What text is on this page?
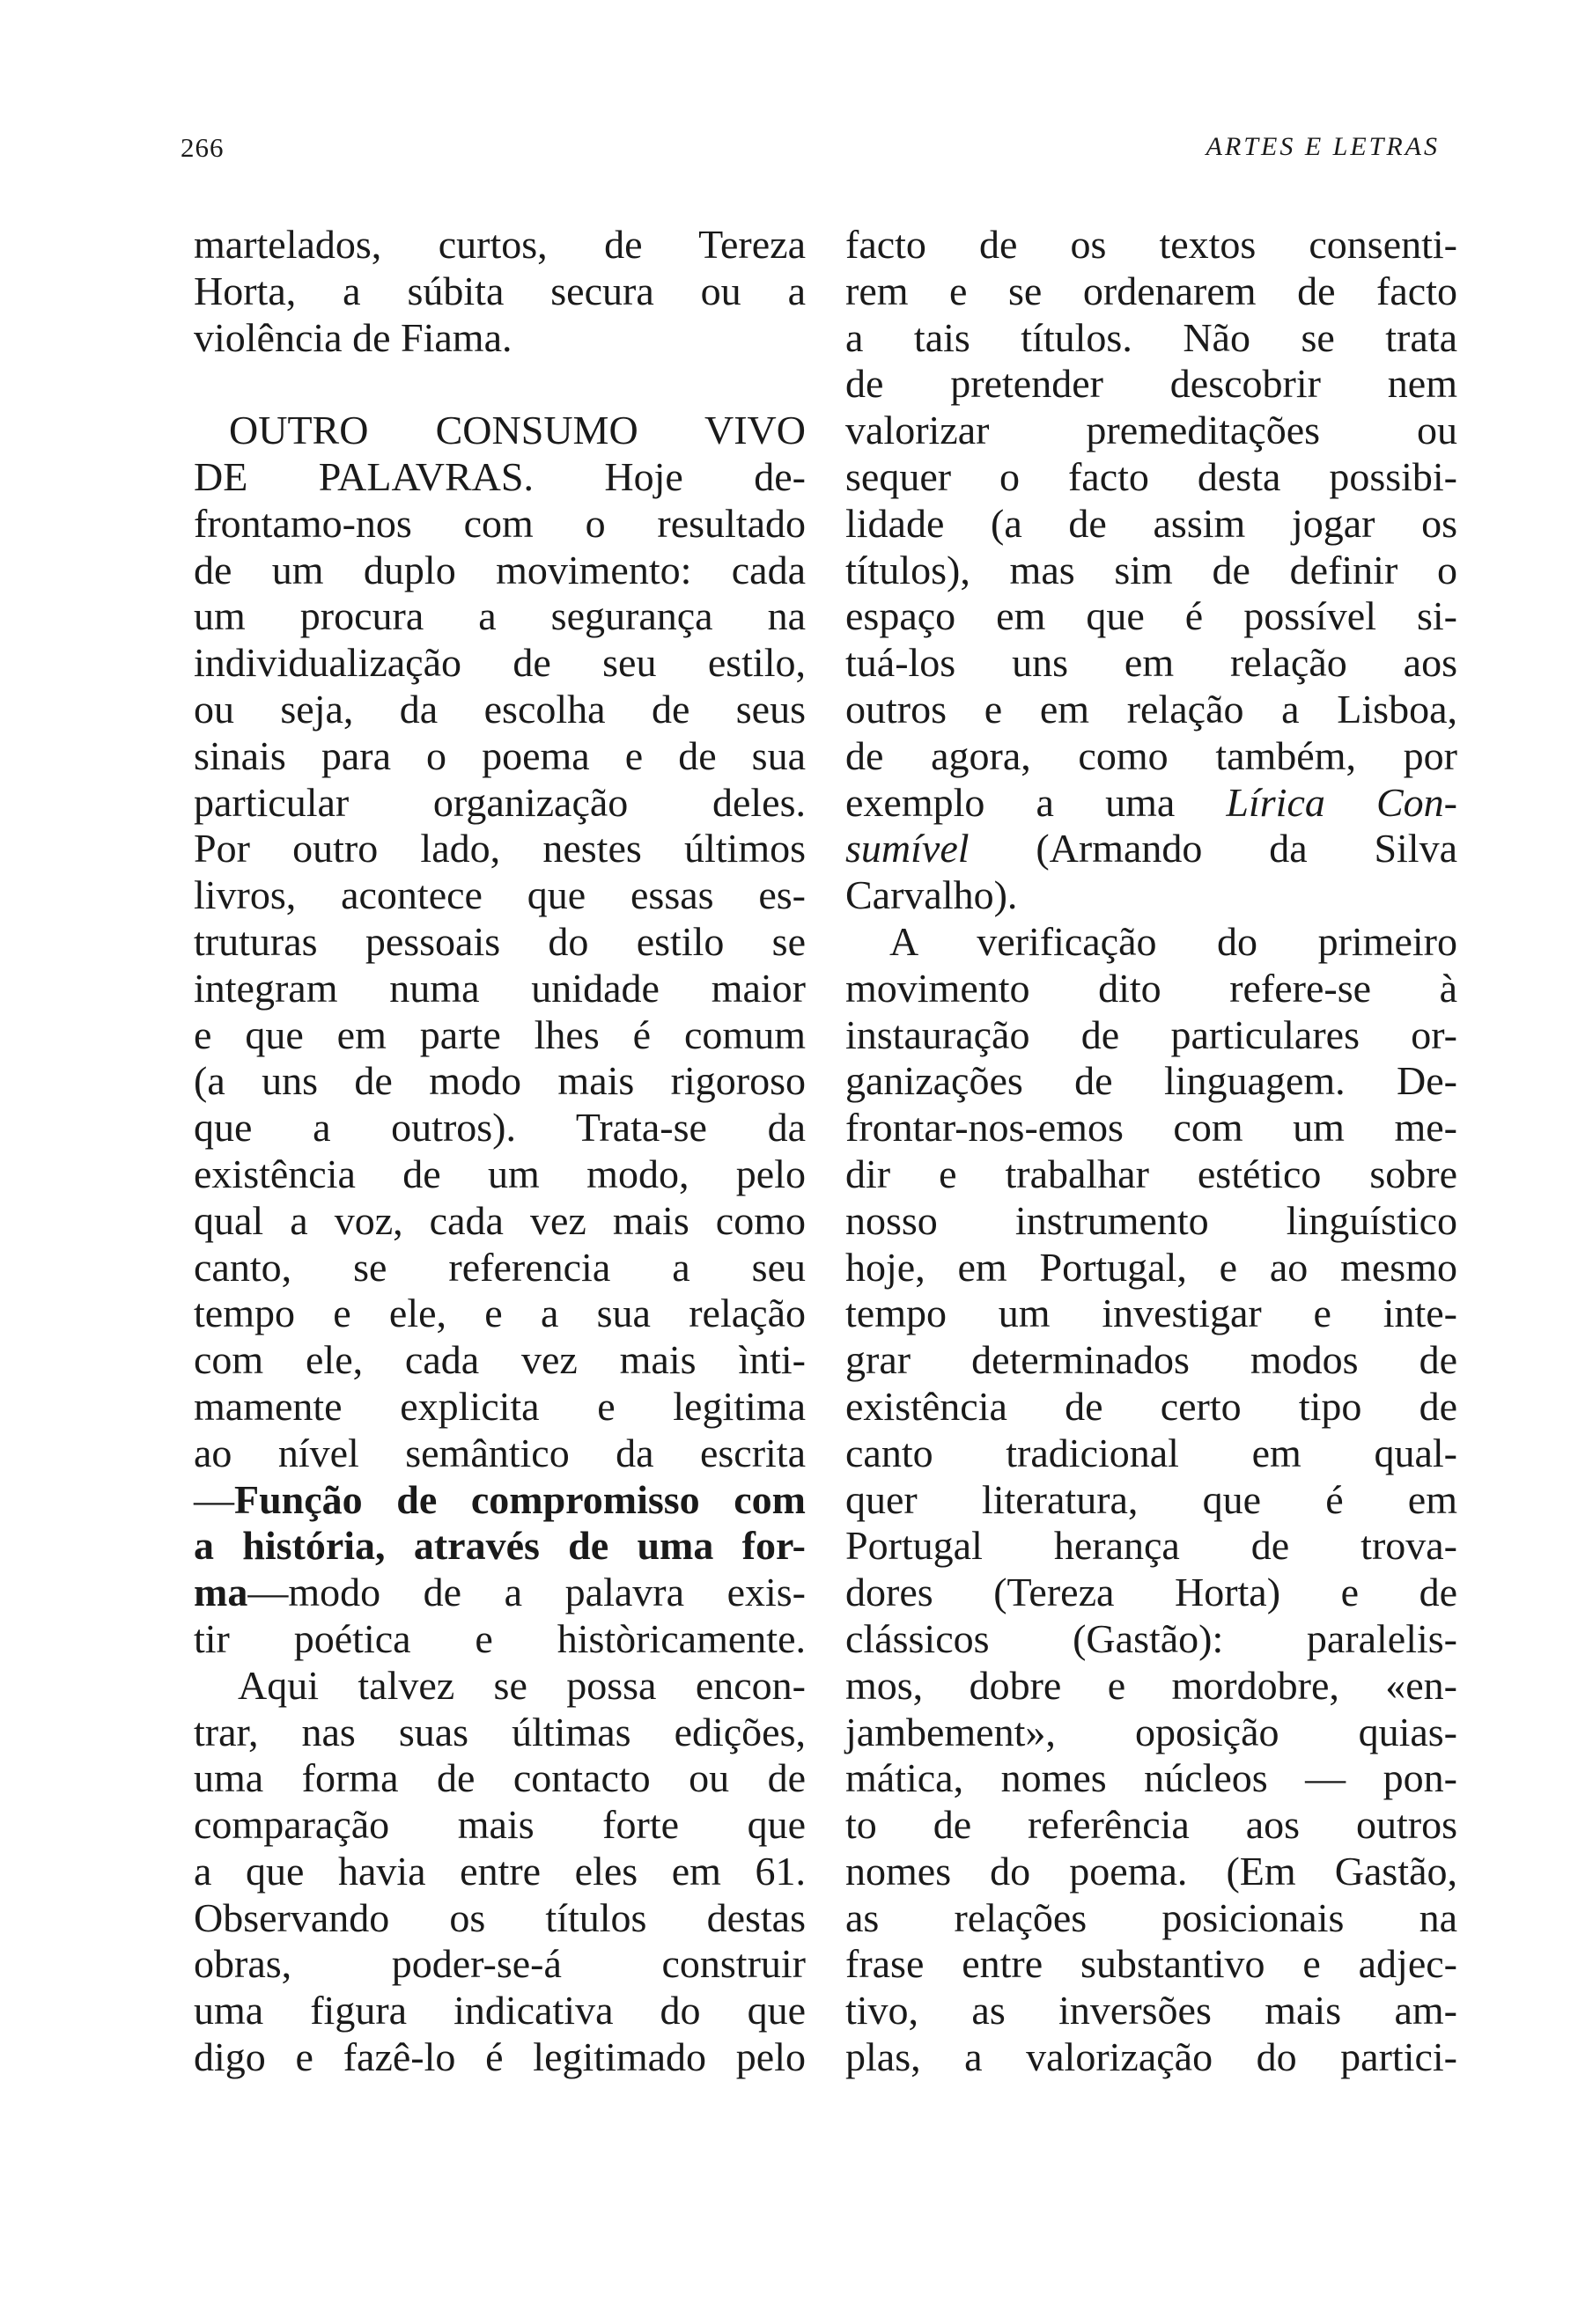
266	ARTES E LETRAS
martelados, curtos, de Tereza
Horta, a súbita secura ou a
violência de Fiama.
OUTRO CONSUMO VIVO
DE PALAVRAS. Hoje de-
frontamo-nos com o resultado
de um duplo movimento: cada
um procura a segurança na
individualização de seu estilo,
ou seja, da escolha de seus
sinais para o poema e de sua
particular organização deles.
Por outro lado, nestes últimos
livros, acontece que essas es-
truturas pessoais do estilo se
integram numa unidade maior
e que em parte lhes é comum
(a uns de modo mais rigoroso
que a outros). Trata-se da
existência de um modo, pelo
qual a voz, cada vez mais como
canto, se referencia a seu
tempo e ele, e a sua relação
com ele, cada vez mais ìnti-
mamente explicita e legitima
ao nível semântico da escrita
—Função de compromisso com
a história, através de uma for-
ma—modo de a palavra exis-
tir poética e històricamente.
Aqui talvez se possa encon-
trar, nas suas últimas edições,
uma forma de contacto ou de
comparação mais forte que
a que havia entre eles em 61.
Observando os títulos destas
obras, poder-se-á construir
uma figura indicativa do que
digo e fazê-lo é legitimado pelo
facto de os textos consenti-
rem e se ordenarem de facto
a tais títulos. Não se trata
de pretender descobrir nem
valorizar premeditações ou
sequer o facto desta possibi-
lidade (a de assim jogar os
títulos), mas sim de definir o
espaço em que é possível si-
tuá-los uns em relação aos
outros e em relação a Lisboa,
de agora, como também, por
exemplo a uma Lírica Con-
sumível (Armando da Silva
Carvalho).
A verificação do primeiro
movimento dito refere-se à
instauração de particulares or-
ganizações de linguagem. De-
frontar-nos-emos com um me-
dir e trabalhar estético sobre
nosso instrumento linguístico
hoje, em Portugal, e ao mesmo
tempo um investigar e inte-
grar determinados modos de
existência de certo tipo de
canto tradicional em qual-
quer literatura, que é em
Portugal herança de trova-
dores (Tereza Horta) e de
clássicos (Gastão): paralelis-
mos, dobre e mordobre, «en-
jambement», oposição quias-
mática, nomes núcleos — pon-
to de referência aos outros
nomes do poema. (Em Gastão,
as relações posicionais na
frase entre substantivo e adjec-
tivo, as inversões mais am-
plas, a valorização do partici-
